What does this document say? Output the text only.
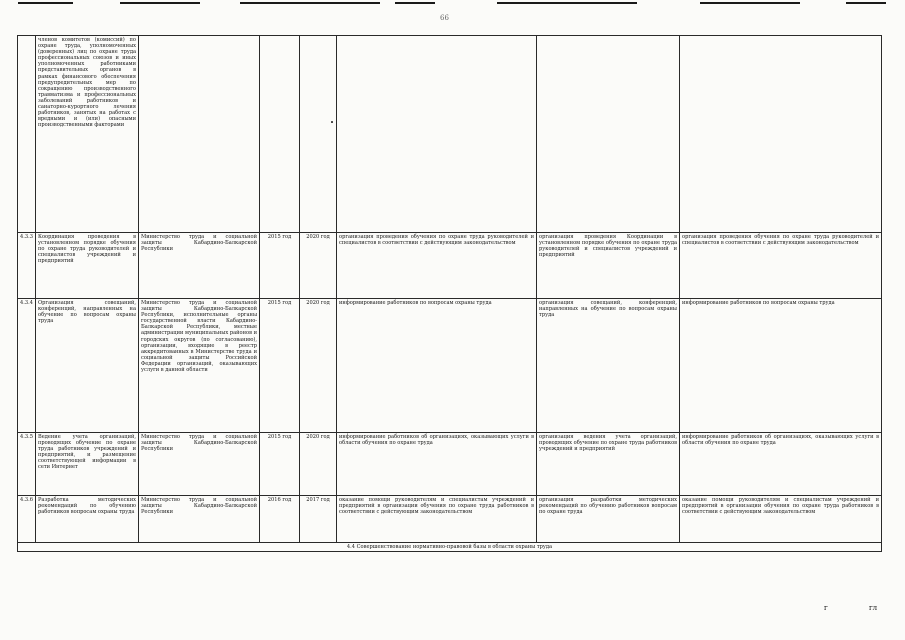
66
	членов комитетов (комиссий) по охране труда, уполномоченных (доверенных) лиц по охране труда профессиональных союзов и иных уполномоченных работниками представительных органов в рамках финансового обеспечения предупредительных мер по сокращению производственного травматизма и профессиональных заболеваний работников и санаторно-курортного лечения работников, занятых на работах с вредными и (или) опасными производственными факторами						
4.3.3	Координация проведения в установленном порядке обучения по охране труда руководителей и специалистов учреждений и предприятий	Министерство труда и социальной защиты Кабардино-Балкарской Республики	2015 год	2020 год	организация проведения обучения по охране труда руководителей и специалистов в соответствии с действующим законодательством	организация проведения Координации в установленном порядке обучения по охране труда руководителей и специалистов учреждений и предприятий	организация проведения обучения по охране труда руководителей и специалистов в соответствии с действующим законодательством
4.3.4	Организация совещаний, конференций, направленных на обучение по вопросам охраны труда	Министерство труда и социальной защиты Кабардино-Балкарской Республики, исполнительные органы государственной власти Кабардино-Балкарской Республики, местные администрации муниципальных районов и городских округов (по согласованию), организации, входящие в реестр аккредитованных в Министерстве труда и социальной защиты Российской Федерации организаций, оказывающих услуги в данной области	2015 год	2020 год	информирование работников по вопросам охраны труда	организация совещаний, конференций, направленных на обучение по вопросам охраны труда	информирование работников по вопросам охраны труда
4.3.5	Ведение учета организаций, проводящих обучение по охране труда работников учреждений и предприятий, и размещение соответствующей информации в сети Интернет	Министерство труда и социальной защиты Кабардино-Балкарской Республики	2015 год	2020 год	информирование работников об организациях, оказывающих услуги в области обучения по охране труда	организация ведения учета организаций, проводящих обучение по охране труда работников учреждений и предприятий	информирование работников об организациях, оказывающих услуги в области обучения по охране труда
4.3.6	Разработка методических рекомендаций по обучению работников вопросам охраны труда	Министерство труда и социальной защиты Кабардино-Балкарской Республики	2016 год	2017 год	оказание помощи руководителям и специалистам учреждений и предприятий в организации обучения по охране труда работников в соответствии с действующим законодательством	организация разработки методических рекомендаций по обучению работников вопросам по охране труда	оказание помощи руководителям и специалистам учреждений и предприятий в организации обучения по охране труда работников в соответствии с действующим законодательством
4.4 Совершенствование нормативно-правовой базы в области охраны труда							
г	гл
